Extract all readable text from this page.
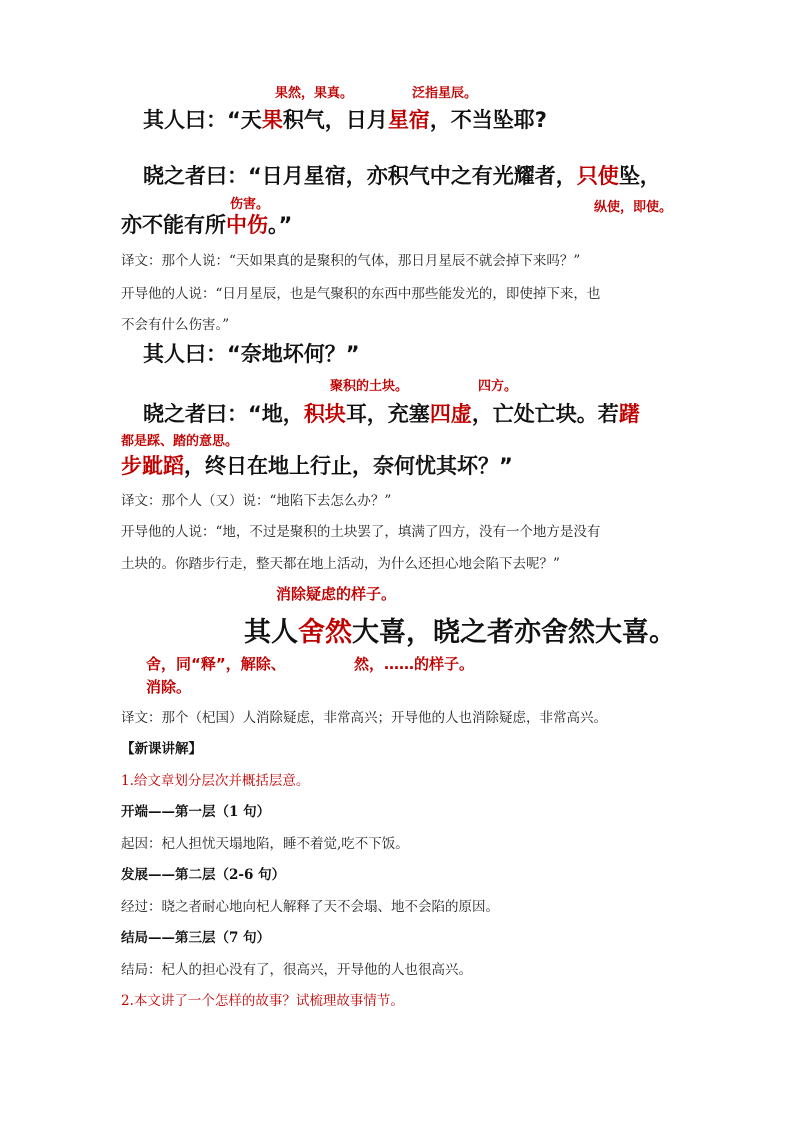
果然，果真。	泛指星辰。
其人曰：“天果积气，日月星宿，不当坠耶?
晓之者曰：“日月星宿，亦积气中之有光耀者，只使坠，
伤害。	纵使，即使。
亦不能有所中伤。”
译文：那个人说：“天如果真的是聚积的气体，那日月星辰不就会掉下来吗？”
开导他的人说：“日月星辰，也是气聚积的东西中那些能发光的，即使掉下来，也
不会有什么伤害。”
其人曰：“奈地坏何？”
聚积的土块。	四方。
晓之者曰：“地，积块耳，充塞四虚，亡处亡块。若躇
都是踩、踏的意思。
步跐蹈，终日在地上行止，奈何忧其坏？”
译文：那个人（又）说：“地陷下去怎么办？”
开导他的人说：“地，不过是聚积的土块罢了，填满了四方，没有一个地方是没有
土块的。你踏步行走，整天都在地上活动，为什么还担心地会陷下去呢？”
消除疑虑的样子。
其人舍然大喜，晓之者亦舍然大喜。
舍，同“释”，解除、	然，……的样子。
消除。
译文：那个（杞国）人消除疑虑，非常高兴；开导他的人也消除疑虑，非常高兴。
【新课讲解】
1.给文章划分层次并概括层意。
开端——第一层（1 句）
起因：杞人担忧天塌地陷，睡不着觉,吃不下饭。
发展——第二层（2-6 句）
经过：晓之者耐心地向杞人解释了天不会塌、地不会陷的原因。
结局——第三层（7 句）
结局：杞人的担心没有了，很高兴，开导他的人也很高兴。
2.本文讲了一个怎样的故事？试梳理故事情节。
